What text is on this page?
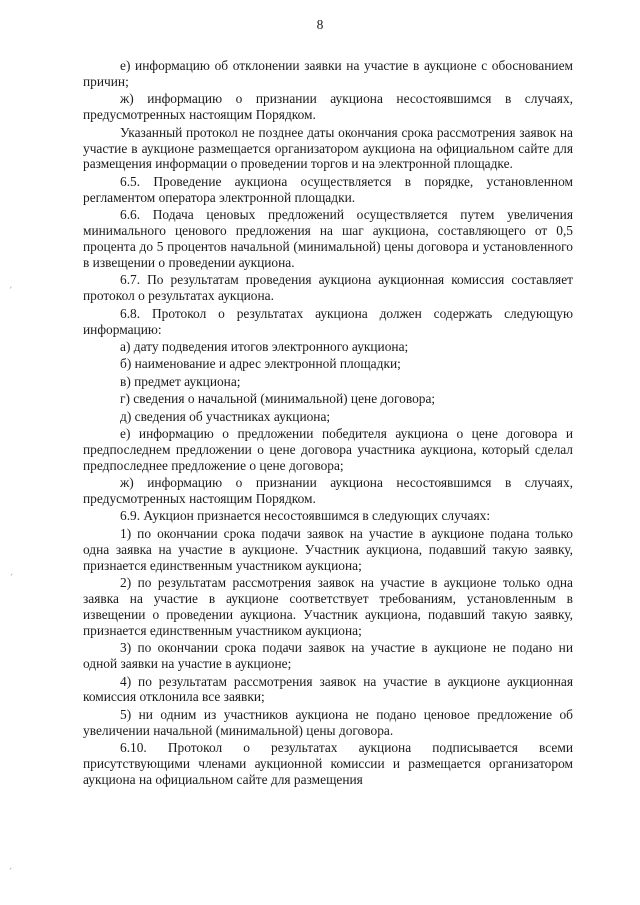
8

е) информацию об отклонении заявки на участие в аукционе с обоснованием причин;

ж) информацию о признании аукциона несостоявшимся в случаях, предусмотренных настоящим Порядком.

Указанный протокол не позднее даты окончания срока рассмотрения заявок на участие в аукционе размещается организатором аукциона на официальном сайте для размещения информации о проведении торгов и на электронной площадке.

6.5. Проведение аукциона осуществляется в порядке, установленном регламентом оператора электронной площадки.

6.6. Подача ценовых предложений осуществляется путем увеличения минимального ценового предложения на шаг аукциона, составляющего от 0,5 процента до 5 процентов начальной (минимальной) цены договора и установленного в извещении о проведении аукциона.

6.7. По результатам проведения аукциона аукционная комиссия составляет протокол о результатах аукциона.

6.8. Протокол о результатах аукциона должен содержать следующую информацию:

а) дату подведения итогов электронного аукциона;

б) наименование и адрес электронной площадки;

в) предмет аукциона;

г) сведения о начальной (минимальной) цене договора;

д) сведения об участниках аукциона;

е) информацию о предложении победителя аукциона о цене договора и предпоследнем предложении о цене договора участника аукциона, который сделал предпоследнее предложение о цене договора;

ж) информацию о признании аукциона несостоявшимся в случаях, предусмотренных настоящим Порядком.

6.9. Аукцион признается несостоявшимся в следующих случаях:

1) по окончании срока подачи заявок на участие в аукционе подана только одна заявка на участие в аукционе. Участник аукциона, подавший такую заявку, признается единственным участником аукциона;

2) по результатам рассмотрения заявок на участие в аукционе только одна заявка на участие в аукционе соответствует требованиям, установленным в извещении о проведении аукциона. Участник аукциона, подавший такую заявку, признается единственным участником аукциона;

3) по окончании срока подачи заявок на участие в аукционе не подано ни одной заявки на участие в аукционе;

4) по результатам рассмотрения заявок на участие в аукционе аукционная комиссия отклонила все заявки;

5) ни одним из участников аукциона не подано ценовое предложение об увеличении начальной (минимальной) цены договора.

6.10. Протокол о результатах аукциона подписывается всеми присутствующими членами аукционной комиссии и размещается организатором аукциона на официальном сайте для размещения

ˊ
ˊ
ˊ
